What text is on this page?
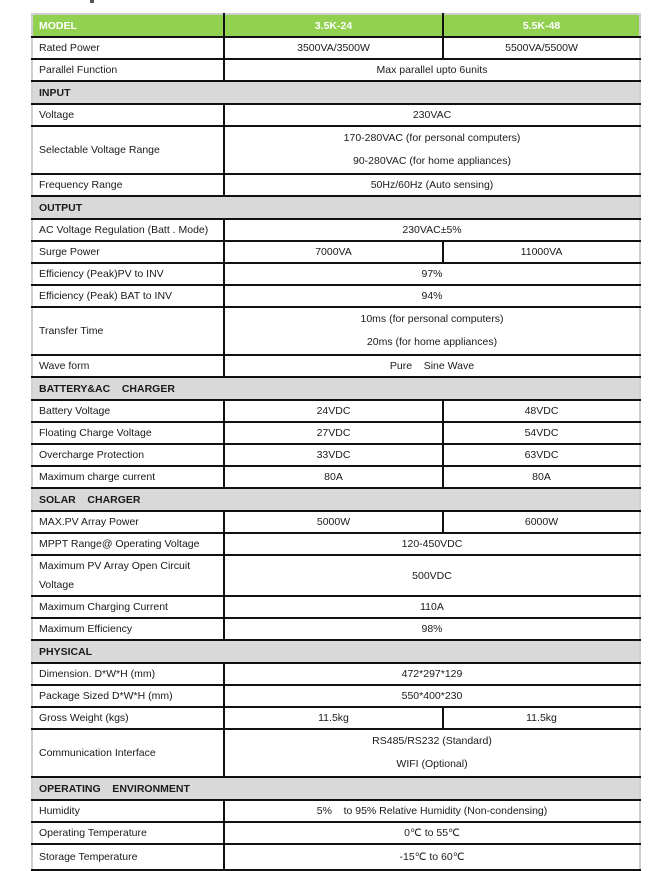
MODEL	3.5K-24	5.5K-48
Rated Power	3500VA/3500W	5500VA/5500W
Parallel Function	Max parallel upto 6units	
INPUT		
Voltage	230VAC	
Selectable Voltage Range	170-280VAC (for personal computers)
90-280VAC (for home appliances)	

Frequency Range	50Hz/60Hz (Auto sensing)	
OUTPUT		
AC Voltage Regulation (Batt . Mode)	230VAC±5%	
Surge Power	7000VA	11000VA
Efficiency (Peak)PV to INV	97%	
Efficiency (Peak) BAT to INV	94%	
Transfer Time	10ms (for personal computers)
20ms (for home appliances)	

Wave form	Pure    Sine Wave	
BATTERY&AC    CHARGER		
Battery Voltage	24VDC	48VDC
Floating Charge Voltage	27VDC	54VDC
Overcharge Protection	33VDC	63VDC
Maximum charge current	80A	80A
SOLAR    CHARGER		
MAX.PV Array Power	5000W	6000W
MPPT Range@ Operating Voltage	120-450VDC	

Maximum PV Array Open Circuit
Voltage	500VDC	
Maximum Charging Current	110A	
Maximum Efficiency	98%	
PHYSICAL		
Dimension. D*W*H (mm)	472*297*129	
Package Sized D*W*H (mm)	550*400*230	
Gross Weight (kgs)	11.5kg	11.5kg
Communication Interface	RS485/RS232 (Standard)
WIFI (Optional)	

OPERATING    ENVIRONMENT		
Humidity	5%    to 95% Relative Humidity (Non-condensing)	
Operating Temperature	0℃ to 55℃	
Storage Temperature	-15℃ to 60℃	
